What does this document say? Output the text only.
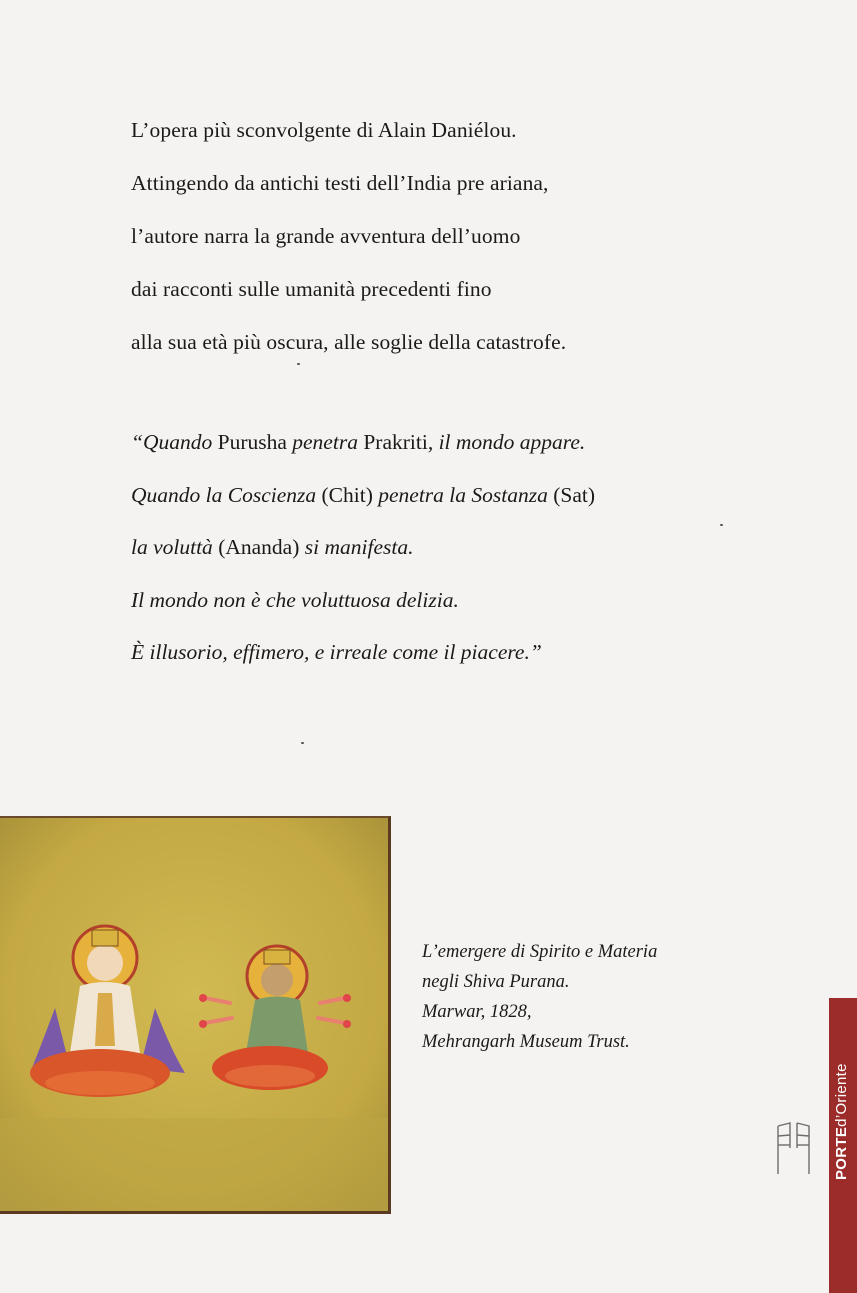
L’opera più sconvolgente di Alain Daniélou.

Attingendo da antichi testi dell’India pre ariana,

l’autore narra la grande avventura dell’uomo

dai racconti sulle umanità precedenti fino

alla sua età più oscura, alle soglie della catastrofe.

“Quando Purusha penetra Prakriti, il mondo appare.

Quando la Coscienza (Chit) penetra la Sostanza (Sat)

la voluttà (Ananda) si manifesta.

Il mondo non è che voluttuosa delizia.

È illusorio, effimero, e irreale come il piacere.”

L’emergere di Spirito e Materia

negli Shiva Purana.

Marwar, 1828,

Mehrangarh Museum Trust.

PORTEd’Oriente
